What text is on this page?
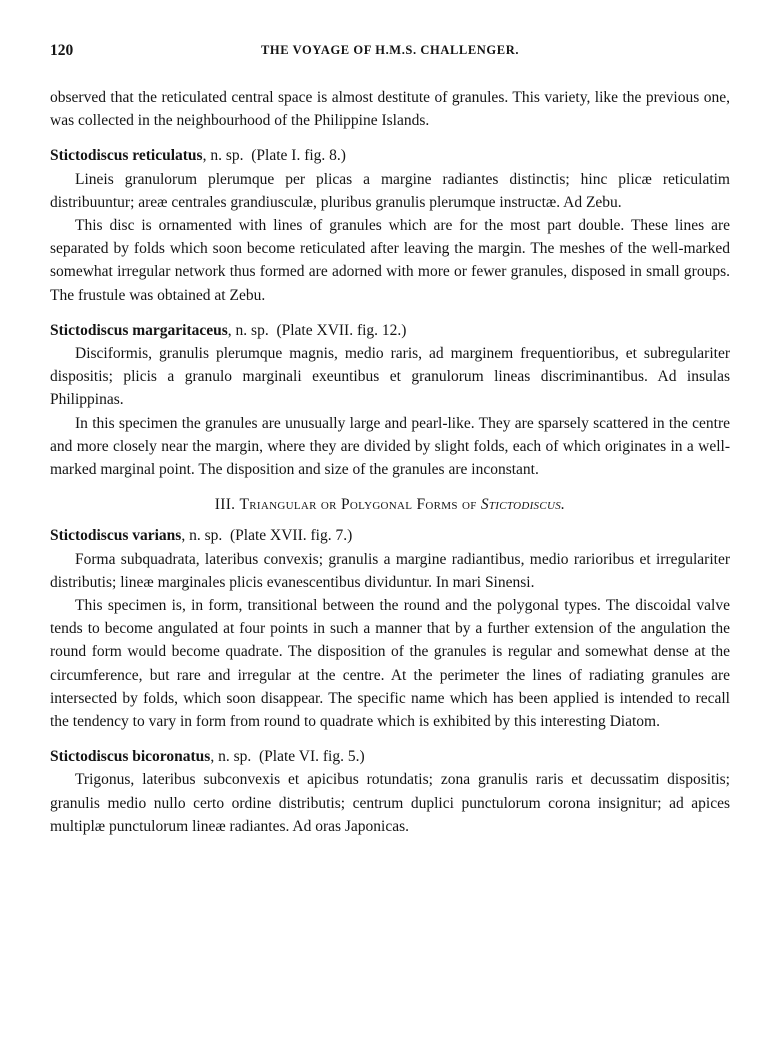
120	THE VOYAGE OF H.M.S. CHALLENGER.

observed that the reticulated central space is almost destitute of granules. This variety, like the previous one, was collected in the neighbourhood of the Philippine Islands.

Stictodiscus reticulatus, n. sp. (Plate I. fig. 8.)

Lineis granulorum plerumque per plicas a margine radiantes distinctis; hinc plicæ reticulatim distribuuntur; areæ centrales grandiusculæ, pluribus granulis plerumque instructæ. Ad Zebu.

This disc is ornamented with lines of granules which are for the most part double. These lines are separated by folds which soon become reticulated after leaving the margin. The meshes of the well-marked somewhat irregular network thus formed are adorned with more or fewer granules, disposed in small groups. The frustule was obtained at Zebu.

Stictodiscus margaritaceus, n. sp. (Plate XVII. fig. 12.)

Disciformis, granulis plerumque magnis, medio raris, ad marginem frequentioribus, et subregulariter dispositis; plicis a granulo marginali exeuntibus et granulorum lineas discriminantibus. Ad insulas Philippinas.

In this specimen the granules are unusually large and pearl-like. They are sparsely scattered in the centre and more closely near the margin, where they are divided by slight folds, each of which originates in a well-marked marginal point. The disposition and size of the granules are inconstant.

III. Triangular or Polygonal Forms of Stictodiscus.
Stictodiscus varians, n. sp. (Plate XVII. fig. 7.)

Forma subquadrata, lateribus convexis; granulis a margine radiantibus, medio rarioribus et irregulariter distributis; lineæ marginales plicis evanescentibus dividuntur. In mari Sinensi.

This specimen is, in form, transitional between the round and the polygonal types. The discoidal valve tends to become angulated at four points in such a manner that by a further extension of the angulation the round form would become quadrate. The disposition of the granules is regular and somewhat dense at the circumference, but rare and irregular at the centre. At the perimeter the lines of radiating granules are intersected by folds, which soon disappear. The specific name which has been applied is intended to recall the tendency to vary in form from round to quadrate which is exhibited by this interesting Diatom.

Stictodiscus bicoronatus, n. sp. (Plate VI. fig. 5.)

Trigonus, lateribus subconvexis et apicibus rotundatis; zona granulis raris et decussatim dispositis; granulis medio nullo certo ordine distributis; centrum duplici punctulorum corona insignitur; ad apices multiplæ punctulorum lineæ radiantes. Ad oras Japonicas.
